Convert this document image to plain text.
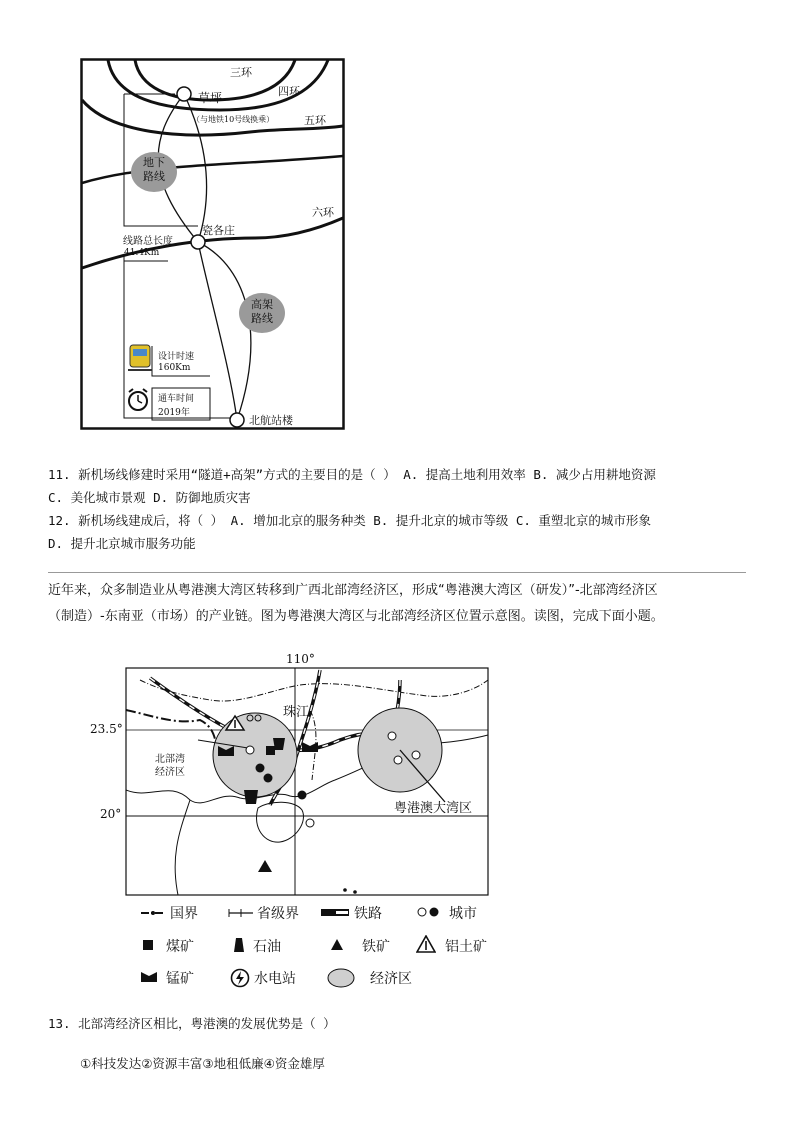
三环
四环
五环
六环
草坪
（与地铁10号线换乘）
地下
路线
高架
路线
瓷各庄
线路总长度
41.4Km
设计时速
160Km
通车时间
2019年
北航站楼
11. 新机场线修建时采用“隧道+高架”方式的主要目的是（ ） A. 提高土地利用效率 B. 减少占用耕地资源
C. 美化城市景观 D. 防御地质灾害
12. 新机场线建成后，将（ ） A. 增加北京的服务种类 B. 提升北京的城市等级 C. 重塑北京的城市形象
D. 提升北京城市服务功能
近年来，众多制造业从粤港澳大湾区转移到广西北部湾经济区，形成“粤港澳大湾区（研发）”-北部湾经济区
（制造）-东南亚（市场）的产业链。图为粤港澳大湾区与北部湾经济区位置示意图。读图，完成下面小题。
110°
23.5°
20°
珠江
北部湾
经济区
粤港澳大湾区
国界	省级界	铁路	城市
煤矿	石油	铁矿	铝土矿
锰矿	水电站	经济区
13. 北部湾经济区相比，粤港澳的发展优势是（ ）
①科技发达②资源丰富③地租低廉④资金雄厚
